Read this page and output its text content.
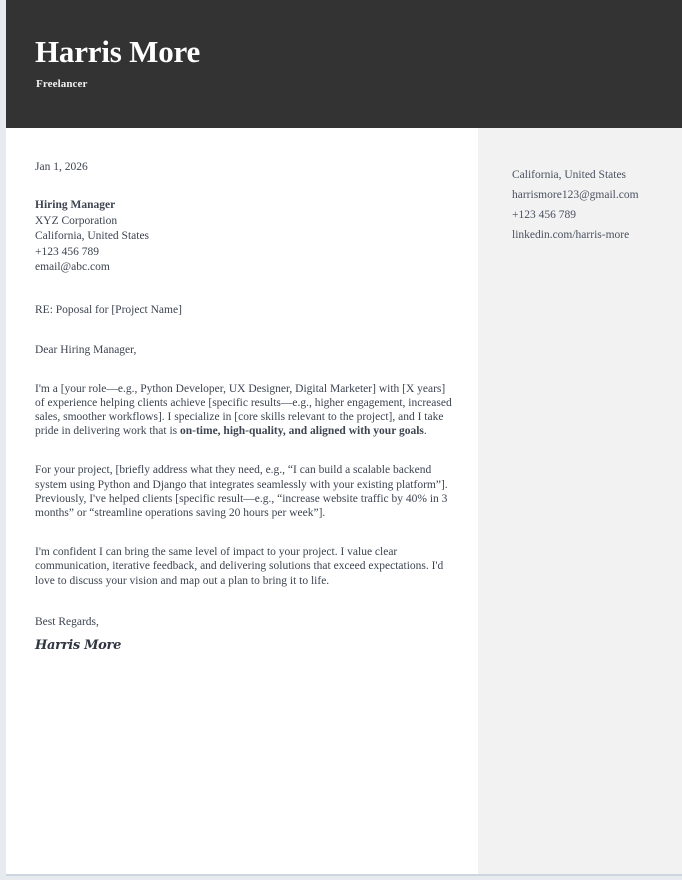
Harris More
Freelancer
California, United States
harrismore123@gmail.com
+123 456 789
linkedin.com/harris-more
Jan 1, 2026
Hiring Manager
XYZ Corporation
California, United States
+123 456 789
email@abc.com
RE: Poposal for [Project Name]
Dear Hiring Manager,
I'm a [your role—e.g., Python Developer, UX Designer, Digital Marketer] with [X years] of experience helping clients achieve [specific results—e.g., higher engagement, increased sales, smoother workflows]. I specialize in [core skills relevant to the project], and I take pride in delivering work that is on-time, high-quality, and aligned with your goals.
For your project, [briefly address what they need, e.g., “I can build a scalable backend system using Python and Django that integrates seamlessly with your existing platform”]. Previously, I've helped clients [specific result—e.g., “increase website traffic by 40% in 3 months” or “streamline operations saving 20 hours per week”].
I'm confident I can bring the same level of impact to your project. I value clear communication, iterative feedback, and delivering solutions that exceed expectations. I'd love to discuss your vision and map out a plan to bring it to life.
Best Regards,
Harris More
